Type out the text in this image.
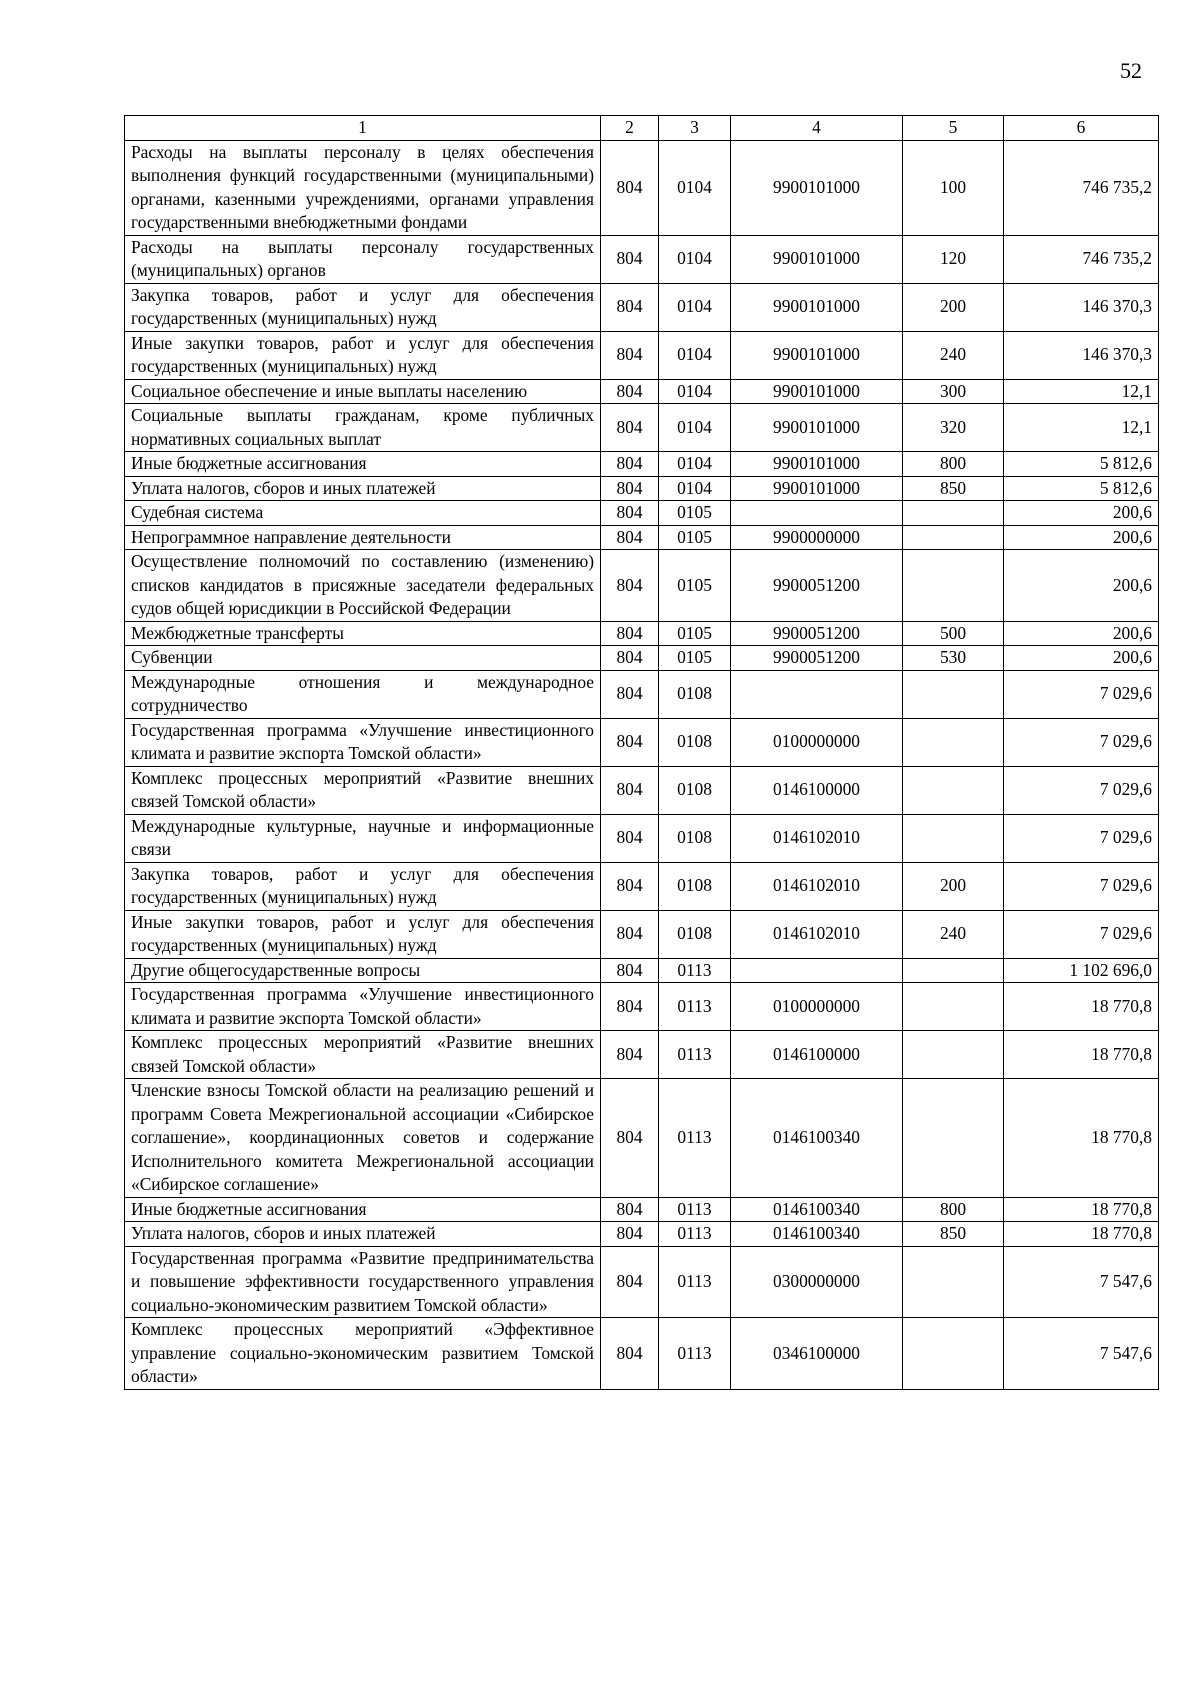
52
1	2	3	4	5	6
Расходы на выплаты персоналу в целях обеспечения выполнения функций государственными (муниципальными) органами, казенными учреждениями, органами управления государственными внебюджетными фондами	804	0104	9900101000	100	746 735,2
Расходы на выплаты персоналу государственных (муниципальных) органов	804	0104	9900101000	120	746 735,2
Закупка товаров, работ и услуг для обеспечения государственных (муниципальных) нужд	804	0104	9900101000	200	146 370,3
Иные закупки товаров, работ и услуг для обеспечения государственных (муниципальных) нужд	804	0104	9900101000	240	146 370,3
Социальное обеспечение и иные выплаты населению	804	0104	9900101000	300	12,1
Социальные выплаты гражданам, кроме публичных нормативных социальных выплат	804	0104	9900101000	320	12,1
Иные бюджетные ассигнования	804	0104	9900101000	800	5 812,6
Уплата налогов, сборов и иных платежей	804	0104	9900101000	850	5 812,6
Судебная система	804	0105			200,6
Непрограммное направление деятельности	804	0105	9900000000		200,6
Осуществление полномочий по составлению (изменению) списков кандидатов в присяжные заседатели федеральных судов общей юрисдикции в Российской Федерации	804	0105	9900051200		200,6
Межбюджетные трансферты	804	0105	9900051200	500	200,6
Субвенции	804	0105	9900051200	530	200,6
Международные отношения и международное сотрудничество	804	0108			7 029,6
Государственная программа «Улучшение инвестиционного климата и развитие экспорта Томской области»	804	0108	0100000000		7 029,6
Комплекс процессных мероприятий «Развитие внешних связей Томской области»	804	0108	0146100000		7 029,6
Международные культурные, научные и информационные связи	804	0108	0146102010		7 029,6
Закупка товаров, работ и услуг для обеспечения государственных (муниципальных) нужд	804	0108	0146102010	200	7 029,6
Иные закупки товаров, работ и услуг для обеспечения государственных (муниципальных) нужд	804	0108	0146102010	240	7 029,6
Другие общегосударственные вопросы	804	0113			1 102 696,0
Государственная программа «Улучшение инвестиционного климата и развитие экспорта Томской области»	804	0113	0100000000		18 770,8
Комплекс процессных мероприятий «Развитие внешних связей Томской области»	804	0113	0146100000		18 770,8
Членские взносы Томской области на реализацию решений и программ Совета Межрегиональной ассоциации «Сибирское соглашение», координационных советов и содержание Исполнительного комитета Межрегиональной ассоциации «Сибирское соглашение»	804	0113	0146100340		18 770,8
Иные бюджетные ассигнования	804	0113	0146100340	800	18 770,8
Уплата налогов, сборов и иных платежей	804	0113	0146100340	850	18 770,8
Государственная программа «Развитие предпринимательства и повышение эффективности государственного управления социально-экономическим развитием Томской области»	804	0113	0300000000		7 547,6
Комплекс процессных мероприятий «Эффективное управление социально-экономическим развитием Томской области»	804	0113	0346100000		7 547,6
